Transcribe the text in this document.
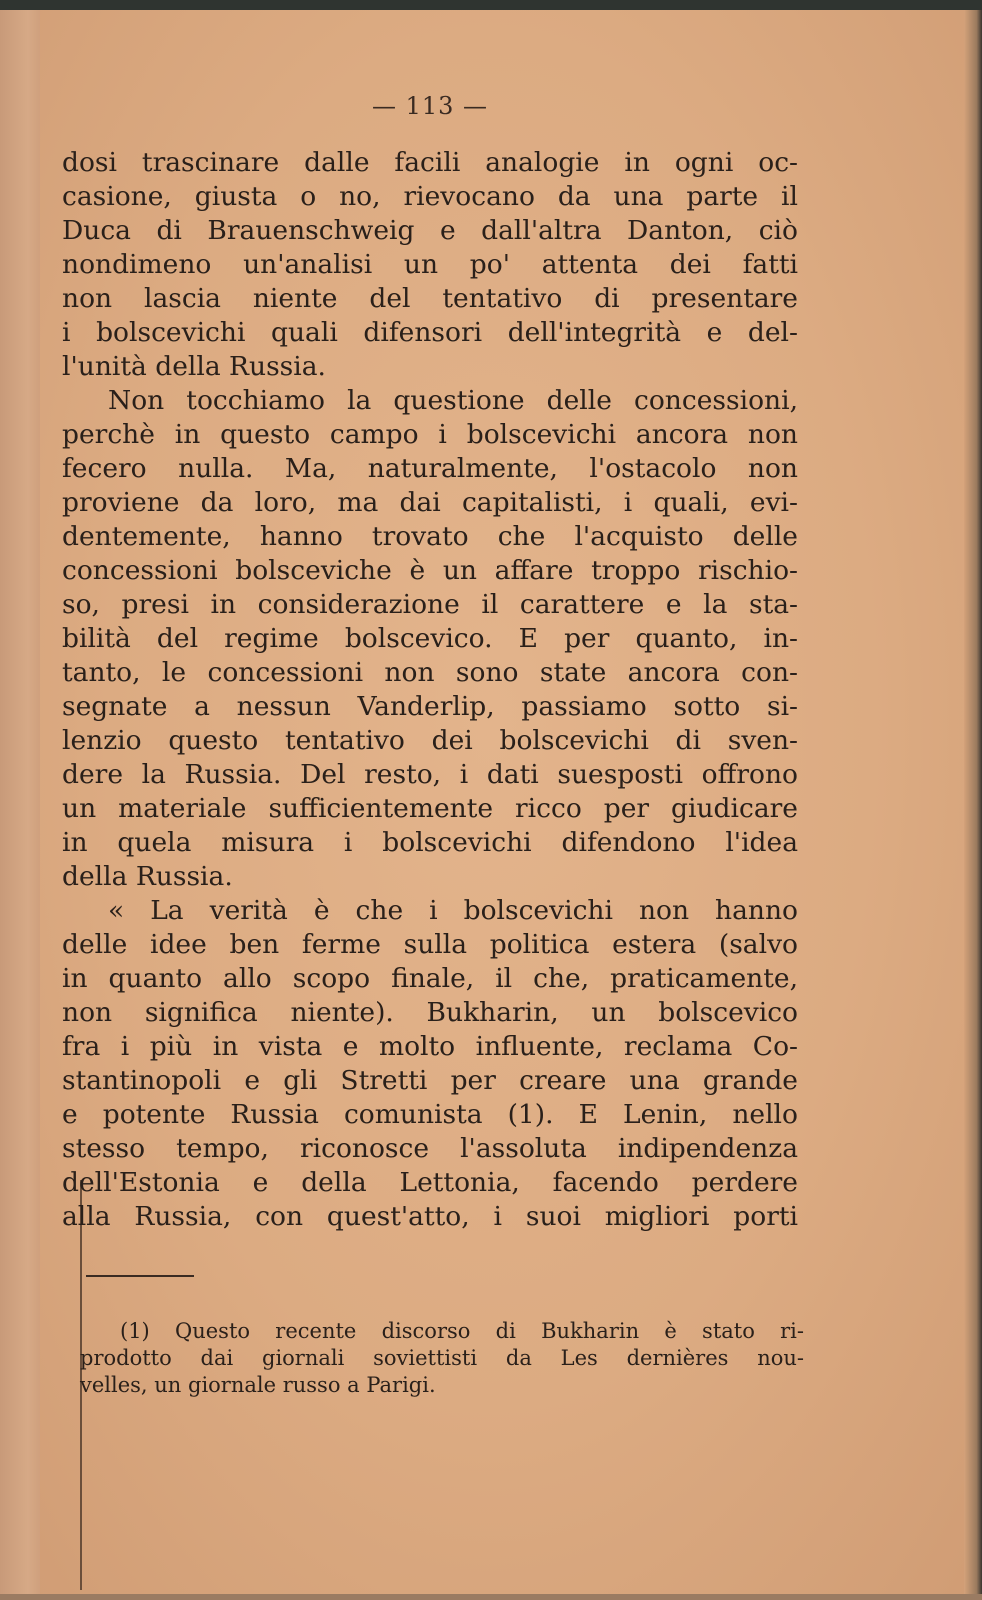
— 113 —
dosi trascinare dalle facili analogie in ogni oc-
casione, giusta o no, rievocano da una parte il
Duca di Brauenschweig e dall'altra Danton, ciò
nondimeno un'analisi un po' attenta dei fatti
non lascia niente del tentativo di presentare
i bolscevichi quali difensori dell'integrità e del-
l'unità della Russia.
Non tocchiamo la questione delle concessioni,
perchè in questo campo i bolscevichi ancora non
fecero nulla. Ma, naturalmente, l'ostacolo non
proviene da loro, ma dai capitalisti, i quali, evi-
dentemente, hanno trovato che l'acquisto delle
concessioni bolsceviche è un affare troppo rischio-
so, presi in considerazione il carattere e la sta-
bilità del regime bolscevico. E per quanto, in-
tanto, le concessioni non sono state ancora con-
segnate a nessun Vanderlip, passiamo sotto si-
lenzio questo tentativo dei bolscevichi di sven-
dere la Russia. Del resto, i dati suesposti offrono
un materiale sufficientemente ricco per giudicare
in quela misura i bolscevichi difendono l'idea
della Russia.
« La verità è che i bolscevichi non hanno
delle idee ben ferme sulla politica estera (salvo
in quanto allo scopo finale, il che, praticamente,
non significa niente). Bukharin, un bolscevico
fra i più in vista e molto influente, reclama Co-
stantinopoli e gli Stretti per creare una grande
e potente Russia comunista (1). E Lenin, nello
stesso tempo, riconosce l'assoluta indipendenza
dell'Estonia e della Lettonia, facendo perdere
alla Russia, con quest'atto, i suoi migliori porti
(1) Questo recente discorso di Bukharin è stato ri-
prodotto dai giornali soviettisti da Les dernières nou-
velles, un giornale russo a Parigi.
